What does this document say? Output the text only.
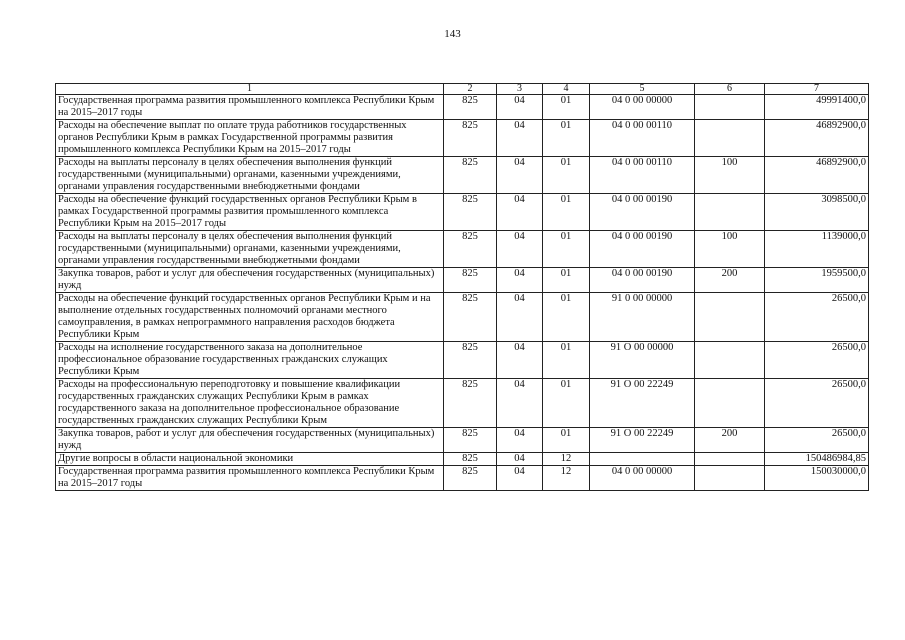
143
1	2	3	4	5	6	7
Государственная программа развития промышленного комплекса Республики Крым на 2015–2017 годы	825	04	01	04 0 00 00000		49991400,0
Расходы на обеспечение выплат по оплате труда работников государственных органов Республики Крым в рамках Государственной программы развития промышленного комплекса Республики Крым на 2015–2017 годы	825	04	01	04 0 00 00110		46892900,0
Расходы на выплаты персоналу в целях обеспечения выполнения функций государственными (муниципальными) органами, казенными учреждениями, органами управления государственными внебюджетными фондами	825	04	01	04 0 00 00110	100	46892900,0
Расходы на обеспечение функций государственных органов Республики Крым в рамках Государственной программы развития промышленного комплекса Республики Крым на 2015–2017 годы	825	04	01	04 0 00 00190		3098500,0
Расходы на выплаты персоналу в целях обеспечения выполнения функций государственными (муниципальными) органами, казенными учреждениями, органами управления государственными внебюджетными фондами	825	04	01	04 0 00 00190	100	1139000,0
Закупка товаров, работ и услуг для обеспечения государственных (муниципальных) нужд	825	04	01	04 0 00 00190	200	1959500,0
Расходы на обеспечение функций государственных органов Республики Крым и на выполнение отдельных государственных полномочий органами местного самоуправления, в рамках непрограммного направления расходов бюджета Республики Крым	825	04	01	91 0 00 00000		26500,0
Расходы на исполнение государственного заказа на дополнительное профессиональное образование государственных гражданских служащих Республики Крым	825	04	01	91 О 00 00000		26500,0
Расходы на профессиональную переподготовку и повышение квалификации государственных гражданских служащих Республики Крым в рамках государственного заказа на дополнительное профессиональное образование государственных гражданских служащих Республики Крым	825	04	01	91 О 00 22249		26500,0
Закупка товаров, работ и услуг для обеспечения государственных (муниципальных) нужд	825	04	01	91 О 00 22249	200	26500,0
Другие вопросы в области национальной экономики	825	04	12			150486984,85
Государственная программа развития промышленного комплекса Республики Крым на 2015–2017 годы	825	04	12	04 0 00 00000		150030000,0
